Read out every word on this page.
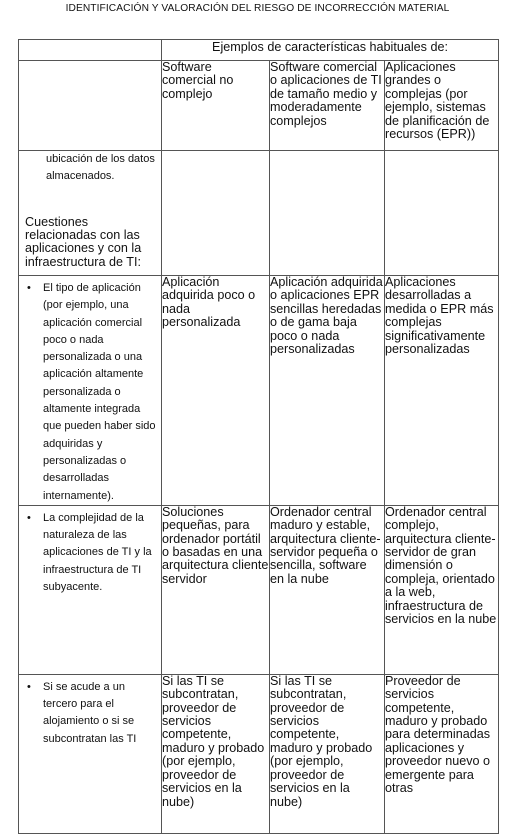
IDENTIFICACIÓN Y VALORACIÓN DEL RIESGO DE INCORRECCIÓN MATERIAL
	Ejemplos de características habituales de:		
	Software comercial no complejo	Software comercial o aplicaciones de TI de tamaño medio y moderadamente complejos	Aplicaciones grandes o complejas (por ejemplo, sistemas de planificación de recursos (EPR))

ubicación de los datos almacenados.
Cuestiones relacionadas con las aplicaciones y con la infraestructura de TI:			

• El tipo de aplicación (por ejemplo, una aplicación comercial poco o nada personalizada o una aplicación altamente personalizada o altamente integrada que pueden haber sido adquiridas y personalizadas o desarrolladas internamente).	Aplicación adquirida poco o nada personalizada	Aplicación adquirida o aplicaciones EPR sencillas heredadas o de gama baja poco o nada personalizadas	Aplicaciones desarrolladas a medida o EPR más complejas significativamente personalizadas

• La complejidad de la naturaleza de las aplicaciones de TI y la infraestructura de TI subyacente.	Soluciones pequeñas, para ordenador portátil o basadas en una arquitectura cliente servidor	Ordenador central maduro y estable, arquitectura cliente-servidor pequeña o sencilla, software en la nube	Ordenador central complejo, arquitectura cliente-servidor de gran dimensión o compleja, orientado a la web, infraestructura de servicios en la nube

• Si se acude a un tercero para el alojamiento o si se subcontratan las TI	Si las TI se subcontratan, proveedor de servicios competente, maduro y probado (por ejemplo, proveedor de servicios en la nube)	Si las TI se subcontratan, proveedor de servicios competente, maduro y probado (por ejemplo, proveedor de servicios en la nube)	Proveedor de servicios competente, maduro y probado para determinadas aplicaciones y proveedor nuevo o emergente para otras
